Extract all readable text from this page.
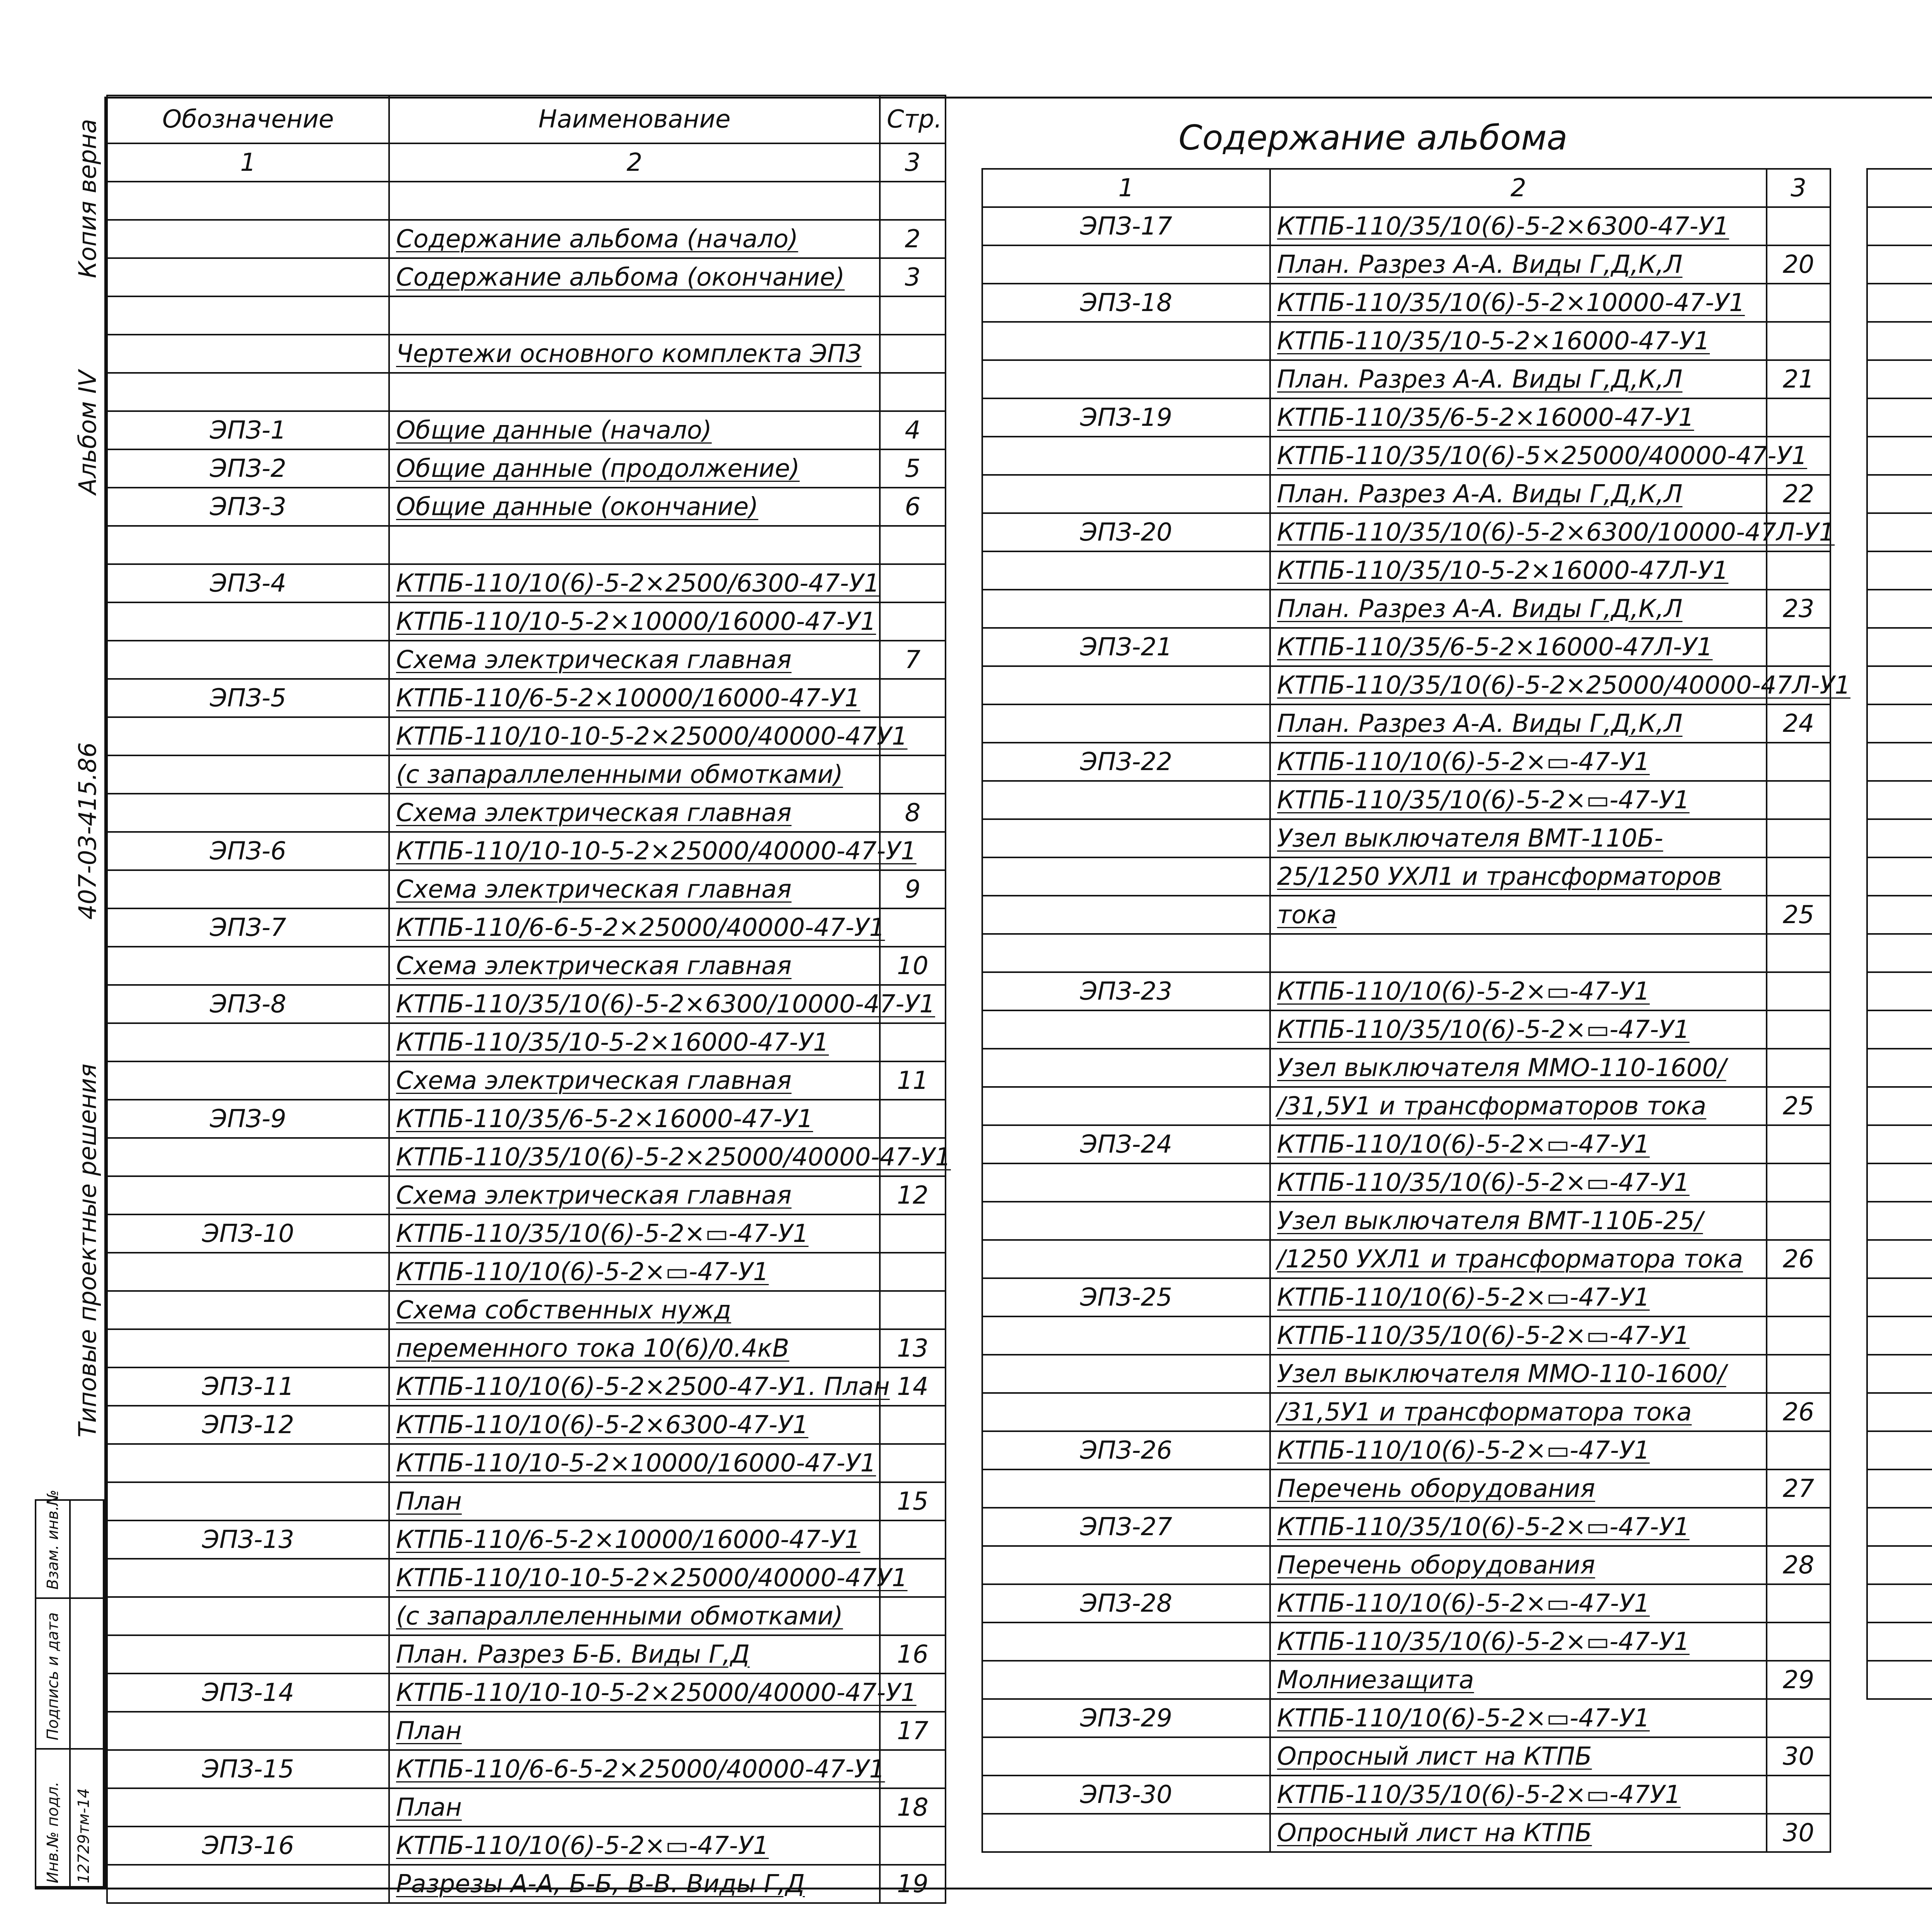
Копия верна
Альбом IV
407-03-415.86
Типовые проектные решения
Взам. инв.№
Подпись и дата
Инв.№ подл. 12729тм-14
Содержание альбома
Обозначение	Наименование	Стр.
1	2	3

	Содержание альбома (начало)	2
	Содержание альбома (окончание)	3

	Чертежи основного комплекта ЭПЗ	

ЭПЗ-1	Общие данные (начало)	4
ЭПЗ-2	Общие данные (продолжение)	5
ЭПЗ-3	Общие данные (окончание)	6

ЭПЗ-4	КТПБ-110/10(6)-5-2×2500/6300-47-У1	
	КТПБ-110/10-5-2×10000/16000-47-У1	
	Схема электрическая главная	7
ЭПЗ-5	КТПБ-110/6-5-2×10000/16000-47-У1	
	КТПБ-110/10-10-5-2×25000/40000-47У1	
	(с запараллеленными обмотками)	
	Схема электрическая главная	8
ЭПЗ-6	КТПБ-110/10-10-5-2×25000/40000-47-У1	
	Схема электрическая главная	9
ЭПЗ-7	КТПБ-110/6-6-5-2×25000/40000-47-У1	
	Схема электрическая главная	10
ЭПЗ-8	КТПБ-110/35/10(6)-5-2×6300/10000-47-У1	
	КТПБ-110/35/10-5-2×16000-47-У1	
	Схема электрическая главная	11
ЭПЗ-9	КТПБ-110/35/6-5-2×16000-47-У1	
	КТПБ-110/35/10(6)-5-2×25000/40000-47-У1	
	Схема электрическая главная	12
ЭПЗ-10	КТПБ-110/35/10(6)-5-2×▭-47-У1	
	КТПБ-110/10(6)-5-2×▭-47-У1	
	Схема собственных нужд	
	переменного тока 10(6)/0.4кВ	13
ЭПЗ-11	КТПБ-110/10(6)-5-2×2500-47-У1. План	14
ЭПЗ-12	КТПБ-110/10(6)-5-2×6300-47-У1	
	КТПБ-110/10-5-2×10000/16000-47-У1	
	План	15
ЭПЗ-13	КТПБ-110/6-5-2×10000/16000-47-У1	
	КТПБ-110/10-10-5-2×25000/40000-47У1	
	(с запараллеленными обмотками)	
	План. Разрез Б-Б. Виды Г,Д	16
ЭПЗ-14	КТПБ-110/10-10-5-2×25000/40000-47-У1	
	План	17
ЭПЗ-15	КТПБ-110/6-6-5-2×25000/40000-47-У1	
	План	18
ЭПЗ-16	КТПБ-110/10(6)-5-2×▭-47-У1	
	Разрезы А-А, Б-Б, В-В. Виды Г,Д	19
1	2	3
ЭПЗ-17	КТПБ-110/35/10(6)-5-2×6300-47-У1	
	План. Разрез А-А. Виды Г,Д,К,Л	20
ЭПЗ-18	КТПБ-110/35/10(6)-5-2×10000-47-У1	
	КТПБ-110/35/10-5-2×16000-47-У1	
	План. Разрез А-А. Виды Г,Д,К,Л	21
ЭПЗ-19	КТПБ-110/35/6-5-2×16000-47-У1	
	КТПБ-110/35/10(6)-5×25000/40000-47-У1	
	План. Разрез А-А. Виды Г,Д,К,Л	22
ЭПЗ-20	КТПБ-110/35/10(6)-5-2×6300/10000-47Л-У1	
	КТПБ-110/35/10-5-2×16000-47Л-У1	
	План. Разрез А-А. Виды Г,Д,К,Л	23
ЭПЗ-21	КТПБ-110/35/6-5-2×16000-47Л-У1	
	КТПБ-110/35/10(6)-5-2×25000/40000-47Л-У1	
	План. Разрез А-А. Виды Г,Д,К,Л	24
ЭПЗ-22	КТПБ-110/10(6)-5-2×▭-47-У1	
	КТПБ-110/35/10(6)-5-2×▭-47-У1	
	Узел выключателя ВМТ-110Б-	
	25/1250 УХЛ1 и трансформаторов	
	тока	25

ЭПЗ-23	КТПБ-110/10(6)-5-2×▭-47-У1	
	КТПБ-110/35/10(6)-5-2×▭-47-У1	
	Узел выключателя ММО-110-1600/	
	/31,5У1 и трансформаторов тока	25
ЭПЗ-24	КТПБ-110/10(6)-5-2×▭-47-У1	
	КТПБ-110/35/10(6)-5-2×▭-47-У1	
	Узел выключателя ВМТ-110Б-25/	
	/1250 УХЛ1 и трансформатора тока	26
ЭПЗ-25	КТПБ-110/10(6)-5-2×▭-47-У1	
	КТПБ-110/35/10(6)-5-2×▭-47-У1	
	Узел выключателя ММО-110-1600/	
	/31,5У1 и трансформатора тока	26
ЭПЗ-26	КТПБ-110/10(6)-5-2×▭-47-У1	
	Перечень оборудования	27
ЭПЗ-27	КТПБ-110/35/10(6)-5-2×▭-47-У1	
	Перечень оборудования	28
ЭПЗ-28	КТПБ-110/10(6)-5-2×▭-47-У1	
	КТПБ-110/35/10(6)-5-2×▭-47-У1	
	Молниезащита	29
ЭПЗ-29	КТПБ-110/10(6)-5-2×▭-47-У1	
	Опросный лист на КТПБ	30
ЭПЗ-30	КТПБ-110/35/10(6)-5-2×▭-47У1	
	Опросный лист на КТПБ	30
